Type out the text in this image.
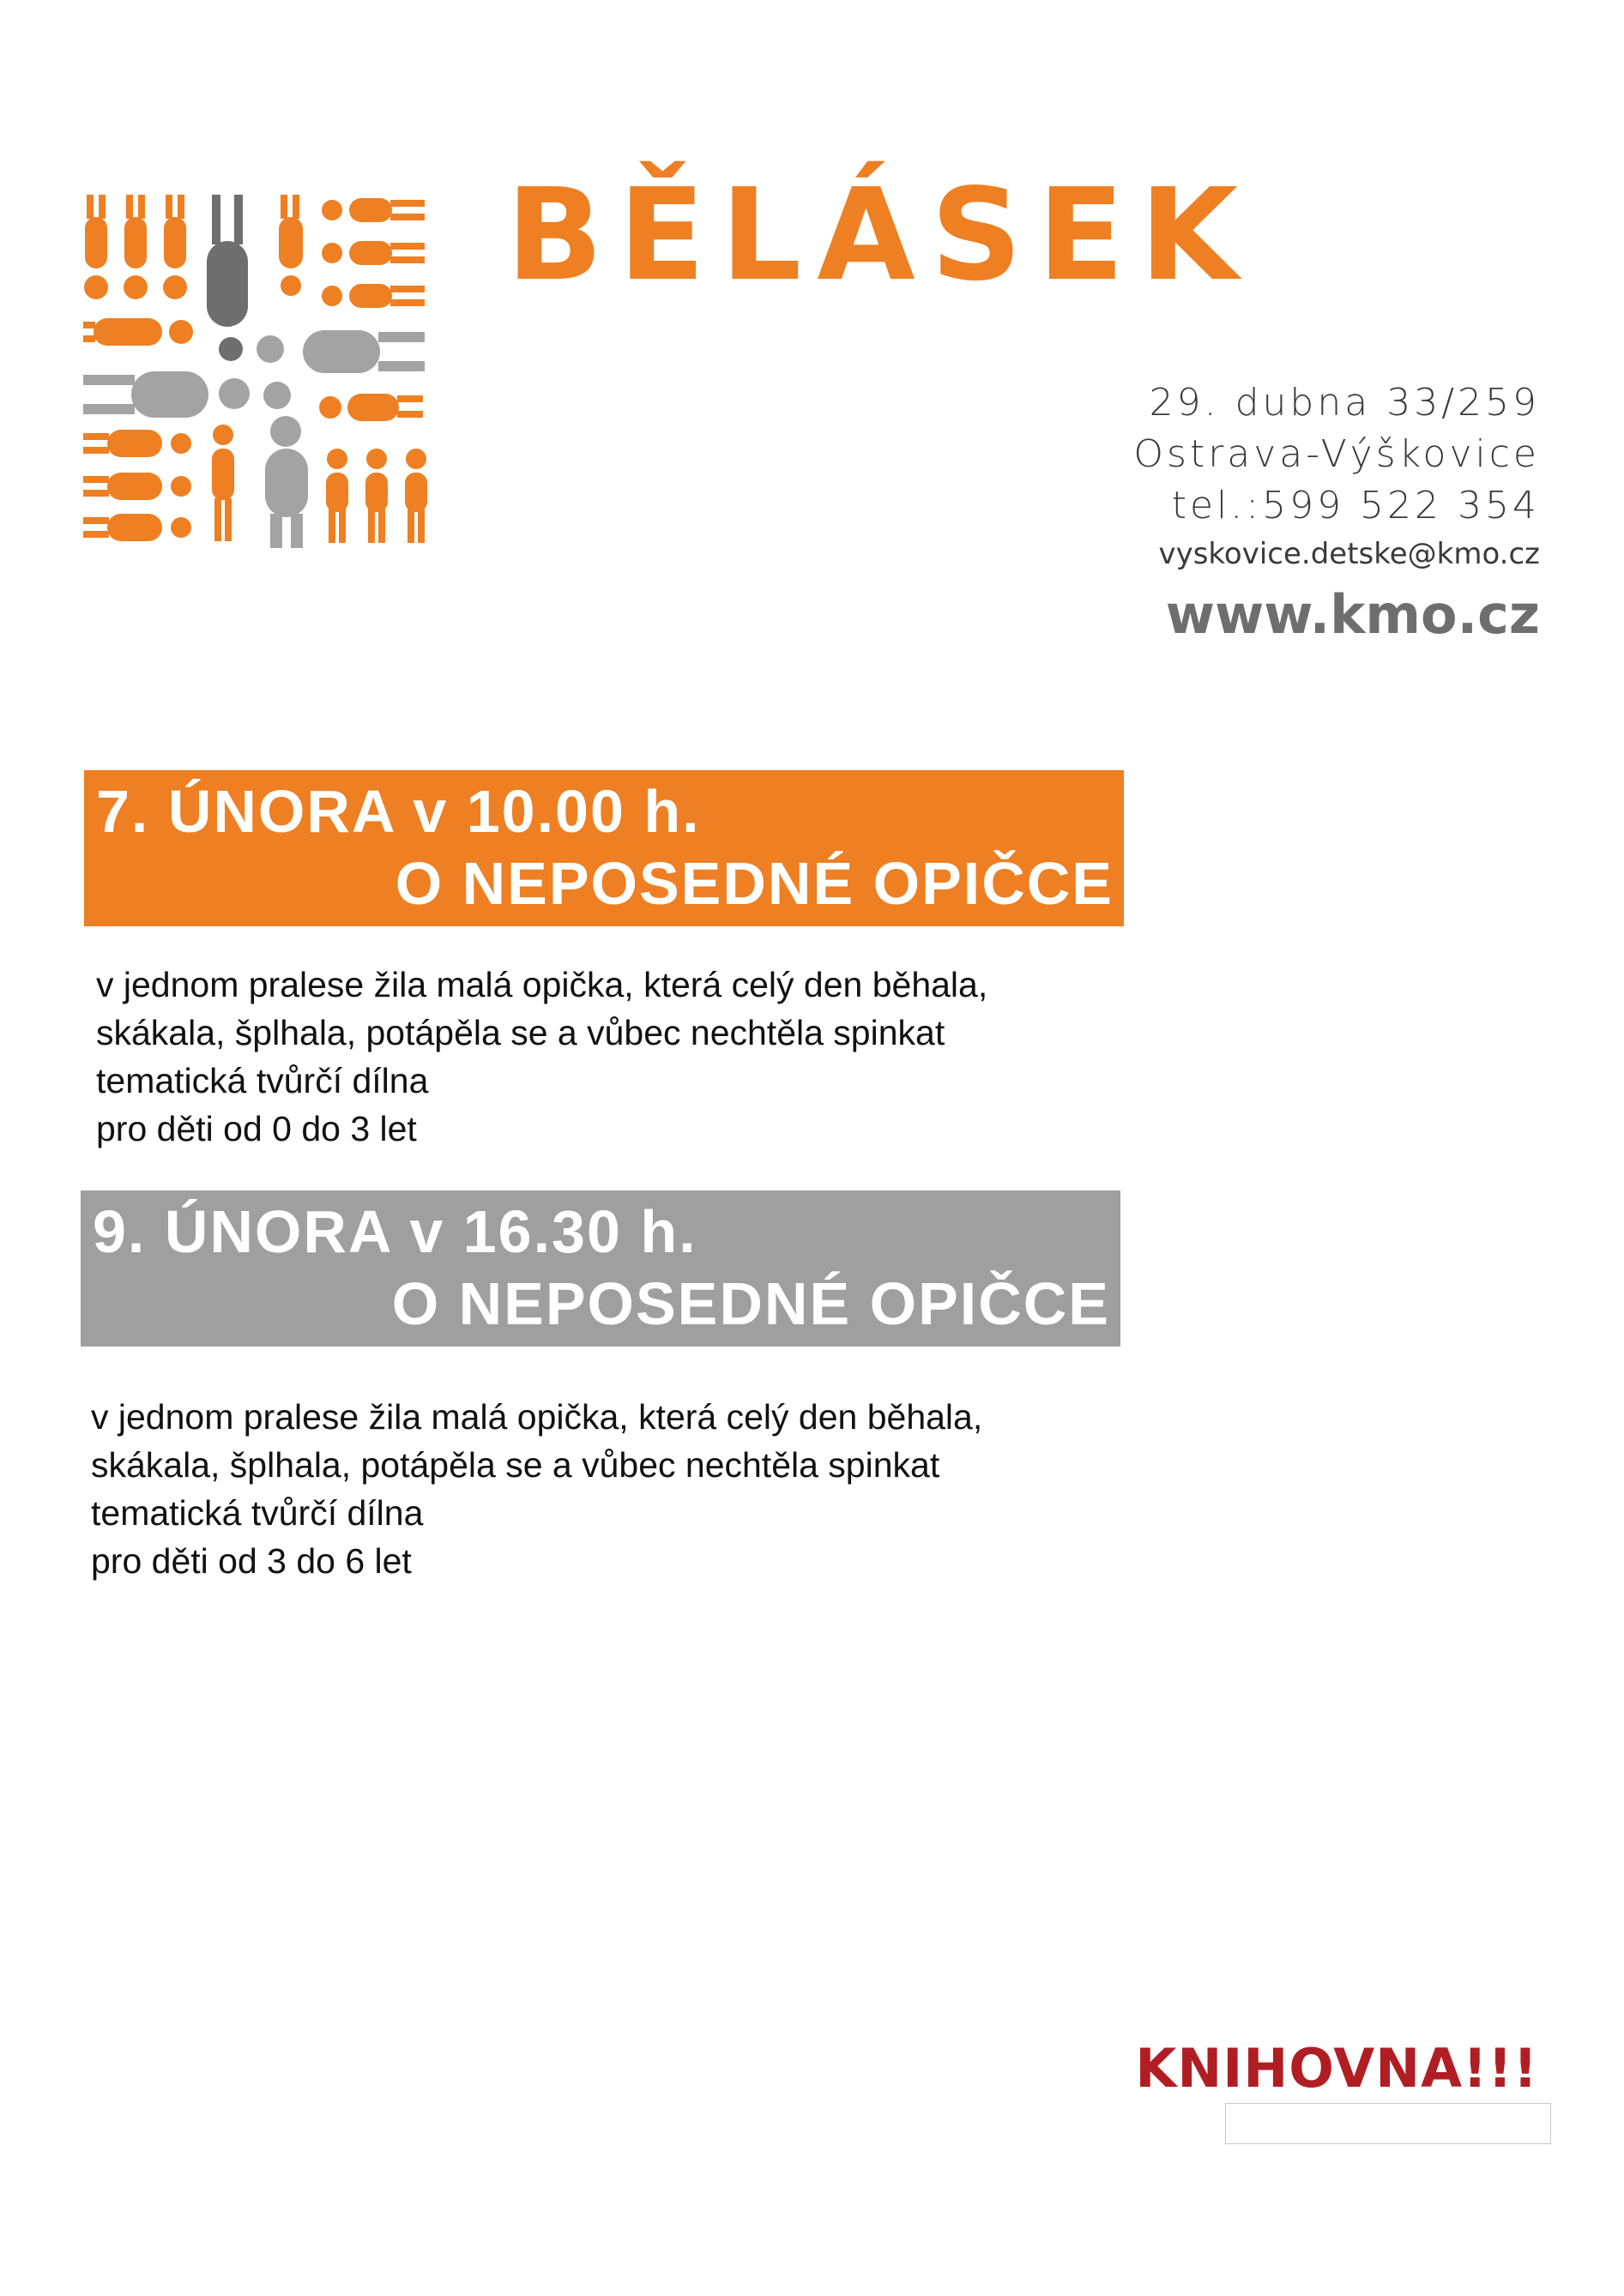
BĚLÁSEK
29. dubna 33/259
Ostrava-Výškovice
tel.:599 522 354
vyskovice.detske@kmo.cz
www.kmo.cz
7. ÚNORA v 10.00 h.
O NEPOSEDNÉ OPIČCE
v jednom pralese žila malá opička, která celý den běhala,
skákala, šplhala, potápěla se a vůbec nechtěla spinkat
tematická tvůrčí dílna
pro děti od 0 do 3 let
9. ÚNORA v 16.30 h.
O NEPOSEDNÉ OPIČCE
v jednom pralese žila malá opička, která celý den běhala,
skákala, šplhala, potápěla se a vůbec nechtěla spinkat
tematická tvůrčí dílna
pro děti od 3 do 6 let
KNIHOVNA!!!
